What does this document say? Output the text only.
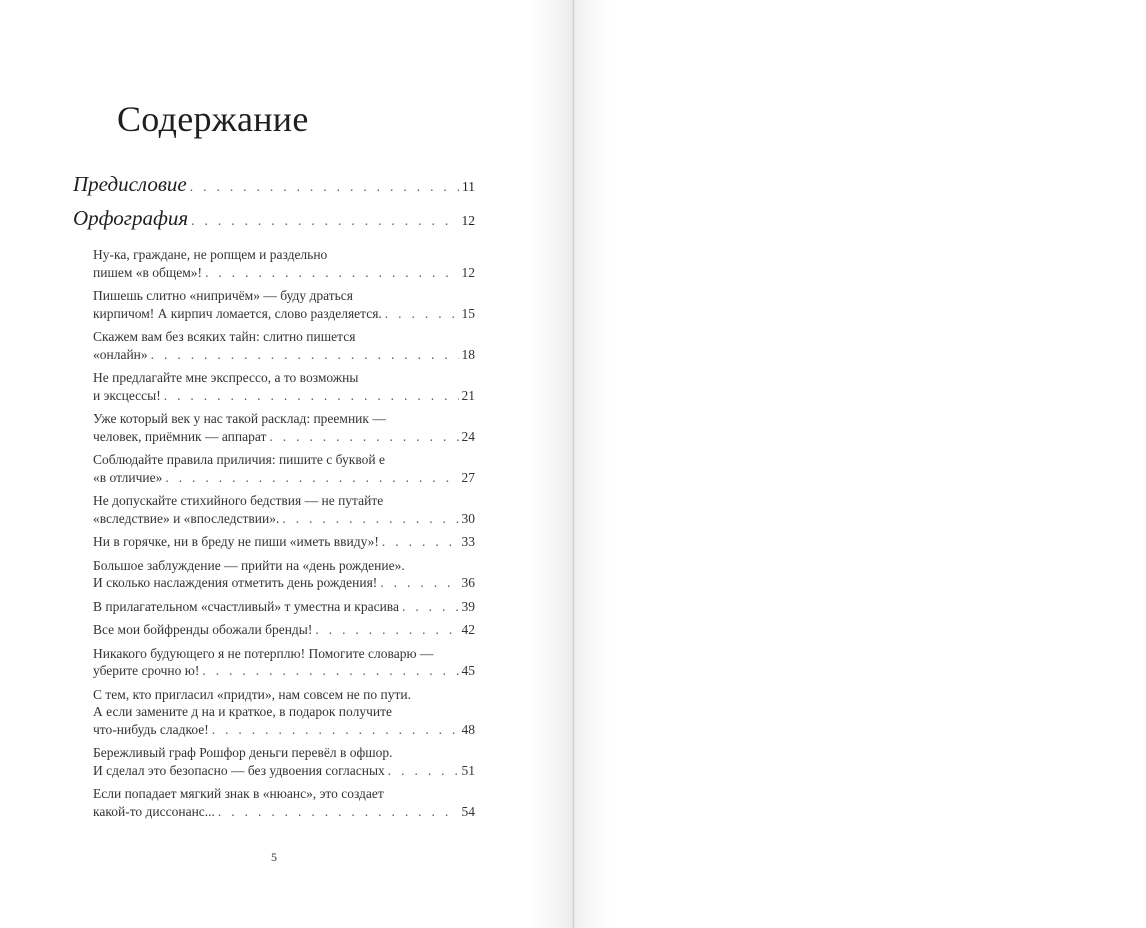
Содержание
Предисловие . . .	11
Орфография . . .	12
Ну-ка, граждане, не ропщем и раздельно
пишем «в общем»! . . .	12
Пишешь слитно «нипричём» — буду драться
кирпичом! А кирпич ломается, слово разделяется. . . .	15
Скажем вам без всяких тайн: слитно пишется
«онлайн» . . .	18
Не предлагайте мне экспрессо, а то возможны
и эксцессы! . . .	21
Уже который век у нас такой расклад: преемник —
человек, приёмник — аппарат . . .	24
Соблюдайте правила приличия: пишите с буквой е
«в отличие» . . .	27
Не допускайте стихийного бедствия — не путайте
«вследствие» и «впоследствии». . . .	30
Ни в горячке, ни в бреду не пиши «иметь ввиду»! . . .	33
Большое заблуждение — прийти на «день рождение».
И сколько наслаждения отметить день рождения! . . .	36
В прилагательном «счастливый» т уместна и красива . . .	39
Все мои бойфренды обожали бренды! . . .	42
Никакого будующего я не потерплю! Помогите словарю —
уберите срочно ю! . . .	45
С тем, кто пригласил «придти», нам совсем не по пути.
А если замените д на и краткое, в подарок получите
что-нибудь сладкое! . . .	48
Бережливый граф Рошфор деньги перевёл в офшор.
И сделал это безопасно — без удвоения согласных . . .	51
Если попадает мягкий знак в «нюанс», это создает
какой-то диссонанс... . . .	54
5
